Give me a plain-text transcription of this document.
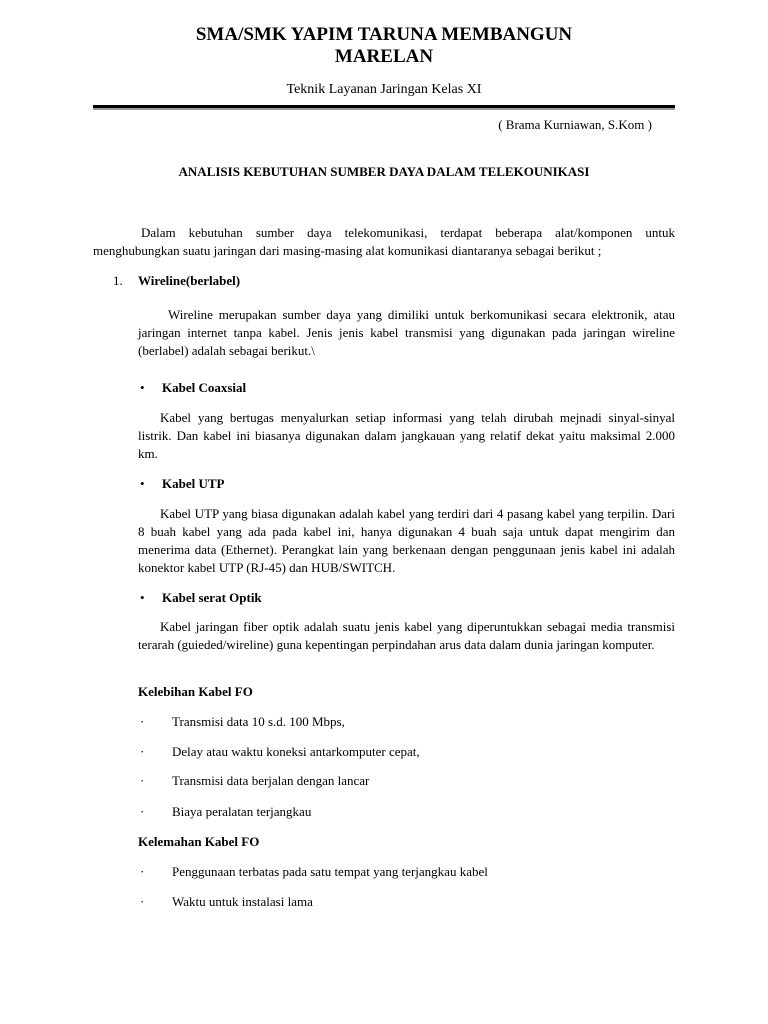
SMA/SMK YAPIM TARUNA MEMBANGUN MARELAN
Teknik Layanan Jaringan Kelas XI
( Brama Kurniawan, S.Kom )
ANALISIS KEBUTUHAN SUMBER DAYA DALAM TELEKOUNIKASI
Dalam kebutuhan sumber daya telekomunikasi, terdapat beberapa alat/komponen untuk menghubungkan suatu jaringan dari masing-masing alat komunikasi diantaranya sebagai berikut ;
1. Wireline(berlabel)
Wireline merupakan sumber daya yang dimiliki untuk berkomunikasi secara elektronik, atau jaringan internet tanpa kabel. Jenis jenis kabel transmisi yang digunakan pada jaringan wireline (berlabel) adalah sebagai berikut.\
• Kabel Coaxsial
Kabel yang bertugas menyalurkan setiap informasi yang telah dirubah mejnadi sinyal-sinyal listrik. Dan kabel ini biasanya digunakan dalam jangkauan yang relatif dekat yaitu maksimal 2.000 km.
• Kabel UTP
Kabel UTP yang biasa digunakan adalah kabel yang terdiri dari 4 pasang kabel yang terpilin. Dari 8 buah kabel yang ada pada kabel ini, hanya digunakan 4 buah saja untuk dapat mengirim dan menerima data (Ethernet). Perangkat lain yang berkenaan dengan penggunaan jenis kabel ini adalah konektor kabel UTP (RJ-45) dan HUB/SWITCH.
• Kabel serat Optik
Kabel jaringan fiber optik adalah suatu jenis kabel yang diperuntukkan sebagai media transmisi terarah (guieded/wireline) guna kepentingan perpindahan arus data dalam dunia jaringan komputer.
Kelebihan Kabel FO
· Transmisi data 10 s.d. 100 Mbps,
· Delay atau waktu koneksi antarkomputer cepat,
· Transmisi data berjalan dengan lancar
· Biaya peralatan terjangkau
Kelemahan Kabel FO
· Penggunaan terbatas pada satu tempat yang terjangkau kabel
· Waktu untuk instalasi lama
